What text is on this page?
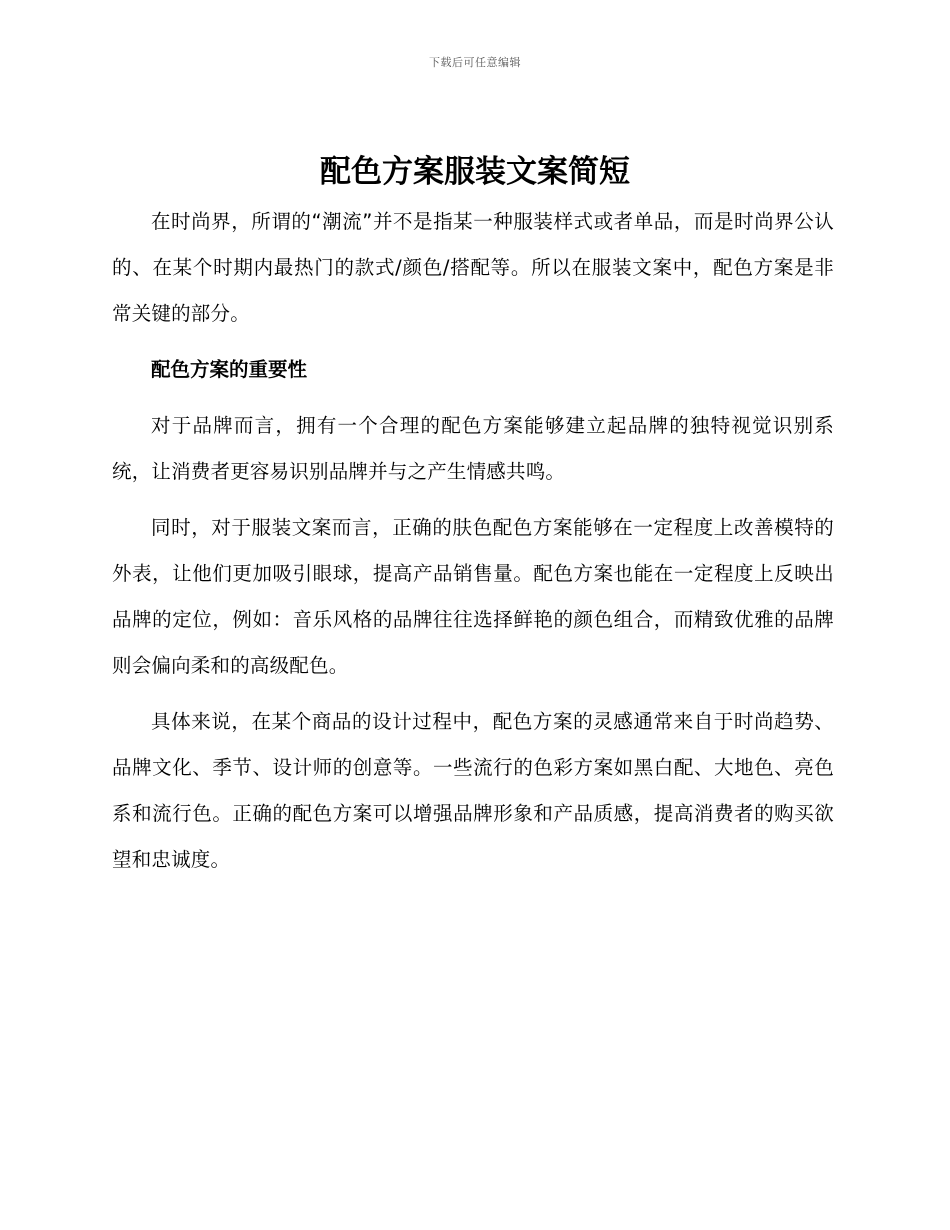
下载后可任意编辑
配色方案服装文案简短

在时尚界，所谓的“潮流”并不是指某一种服装样式或者单品，而是时尚界公认的、在某个时期内最热门的款式/颜色/搭配等。所以在服装文案中，配色方案是非常关键的部分。

配色方案的重要性

对于品牌而言，拥有一个合理的配色方案能够建立起品牌的独特视觉识别系统，让消费者更容易识别品牌并与之产生情感共鸣。

同时，对于服装文案而言，正确的肤色配色方案能够在一定程度上改善模特的外表，让他们更加吸引眼球，提高产品销售量。配色方案也能在一定程度上反映出品牌的定位，例如：音乐风格的品牌往往选择鲜艳的颜色组合，而精致优雅的品牌则会偏向柔和的高级配色。

具体来说，在某个商品的设计过程中，配色方案的灵感通常来自于时尚趋势、品牌文化、季节、设计师的创意等。一些流行的色彩方案如黑白配、大地色、亮色系和流行色。正确的配色方案可以增强品牌形象和产品质感，提高消费者的购买欲望和忠诚度。
